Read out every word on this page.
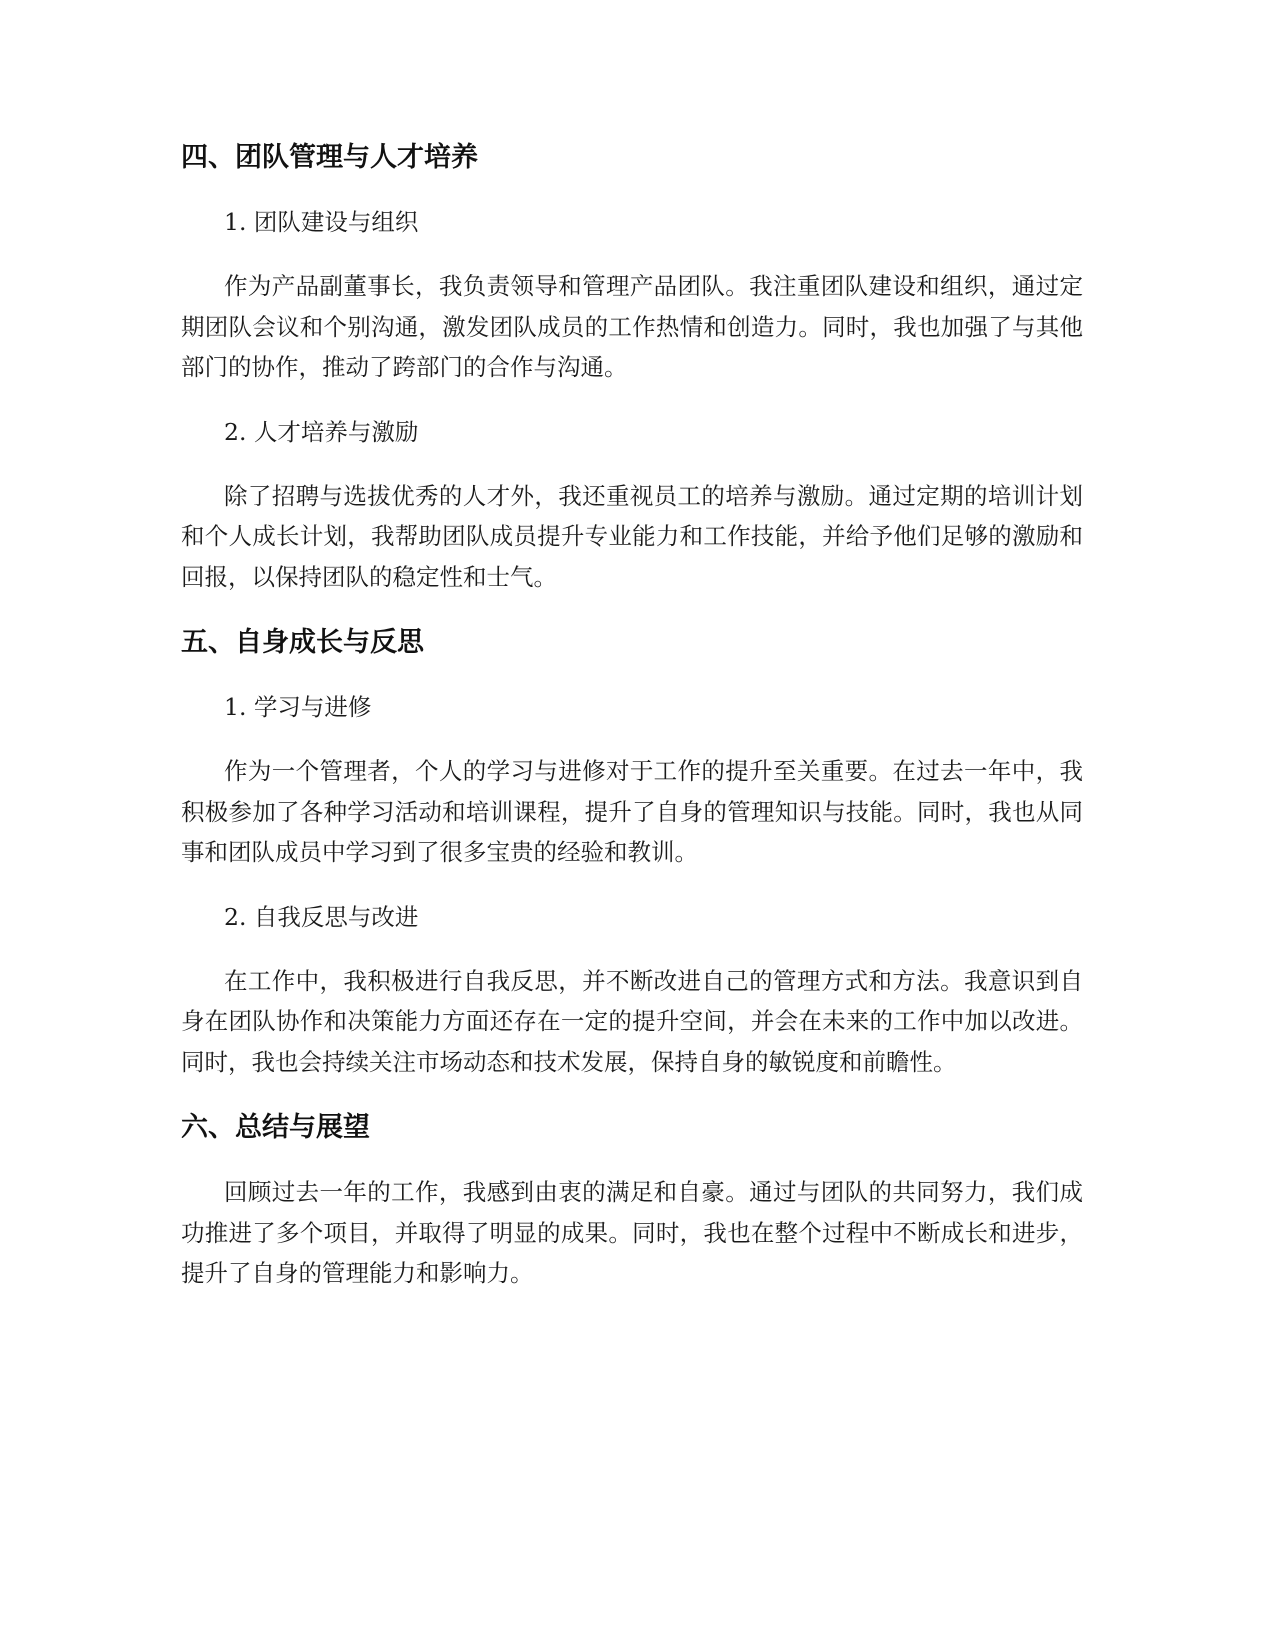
四、团队管理与人才培养

1. 团队建设与组织

作为产品副董事长，我负责领导和管理产品团队。我注重团队建设和组织，通过定期团队会议和个别沟通，激发团队成员的工作热情和创造力。同时，我也加强了与其他部门的协作，推动了跨部门的合作与沟通。

2. 人才培养与激励

除了招聘与选拔优秀的人才外，我还重视员工的培养与激励。通过定期的培训计划和个人成长计划，我帮助团队成员提升专业能力和工作技能，并给予他们足够的激励和回报，以保持团队的稳定性和士气。

五、自身成长与反思

1. 学习与进修

作为一个管理者，个人的学习与进修对于工作的提升至关重要。在过去一年中，我积极参加了各种学习活动和培训课程，提升了自身的管理知识与技能。同时，我也从同事和团队成员中学习到了很多宝贵的经验和教训。

2. 自我反思与改进

在工作中，我积极进行自我反思，并不断改进自己的管理方式和方法。我意识到自身在团队协作和决策能力方面还存在一定的提升空间，并会在未来的工作中加以改进。同时，我也会持续关注市场动态和技术发展，保持自身的敏锐度和前瞻性。

六、总结与展望

回顾过去一年的工作，我感到由衷的满足和自豪。通过与团队的共同努力，我们成功推进了多个项目，并取得了明显的成果。同时，我也在整个过程中不断成长和进步，提升了自身的管理能力和影响力。
